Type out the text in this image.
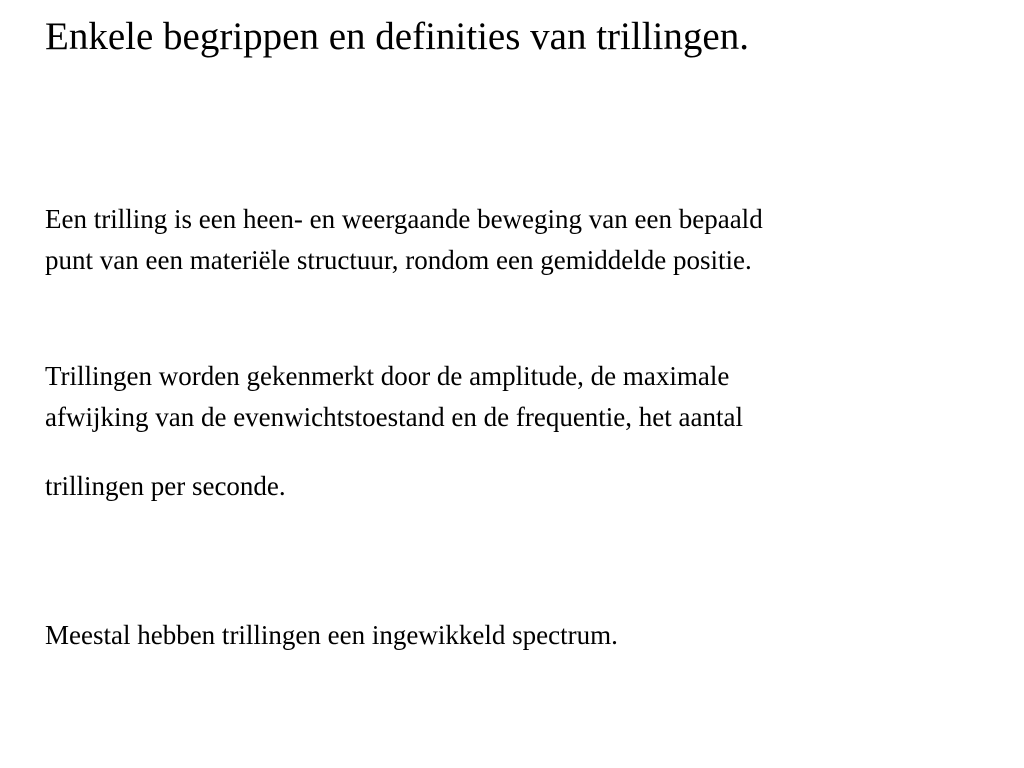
Enkele begrippen en definities van trillingen.

Een trilling is een heen- en weergaande beweging van een bepaald
punt van een materiële structuur, rondom een gemiddelde positie.

Trillingen worden gekenmerkt door de amplitude, de maximale
afwijking van de evenwichtstoestand en de frequentie, het aantal

trillingen per seconde.

Meestal hebben trillingen een ingewikkeld spectrum.
